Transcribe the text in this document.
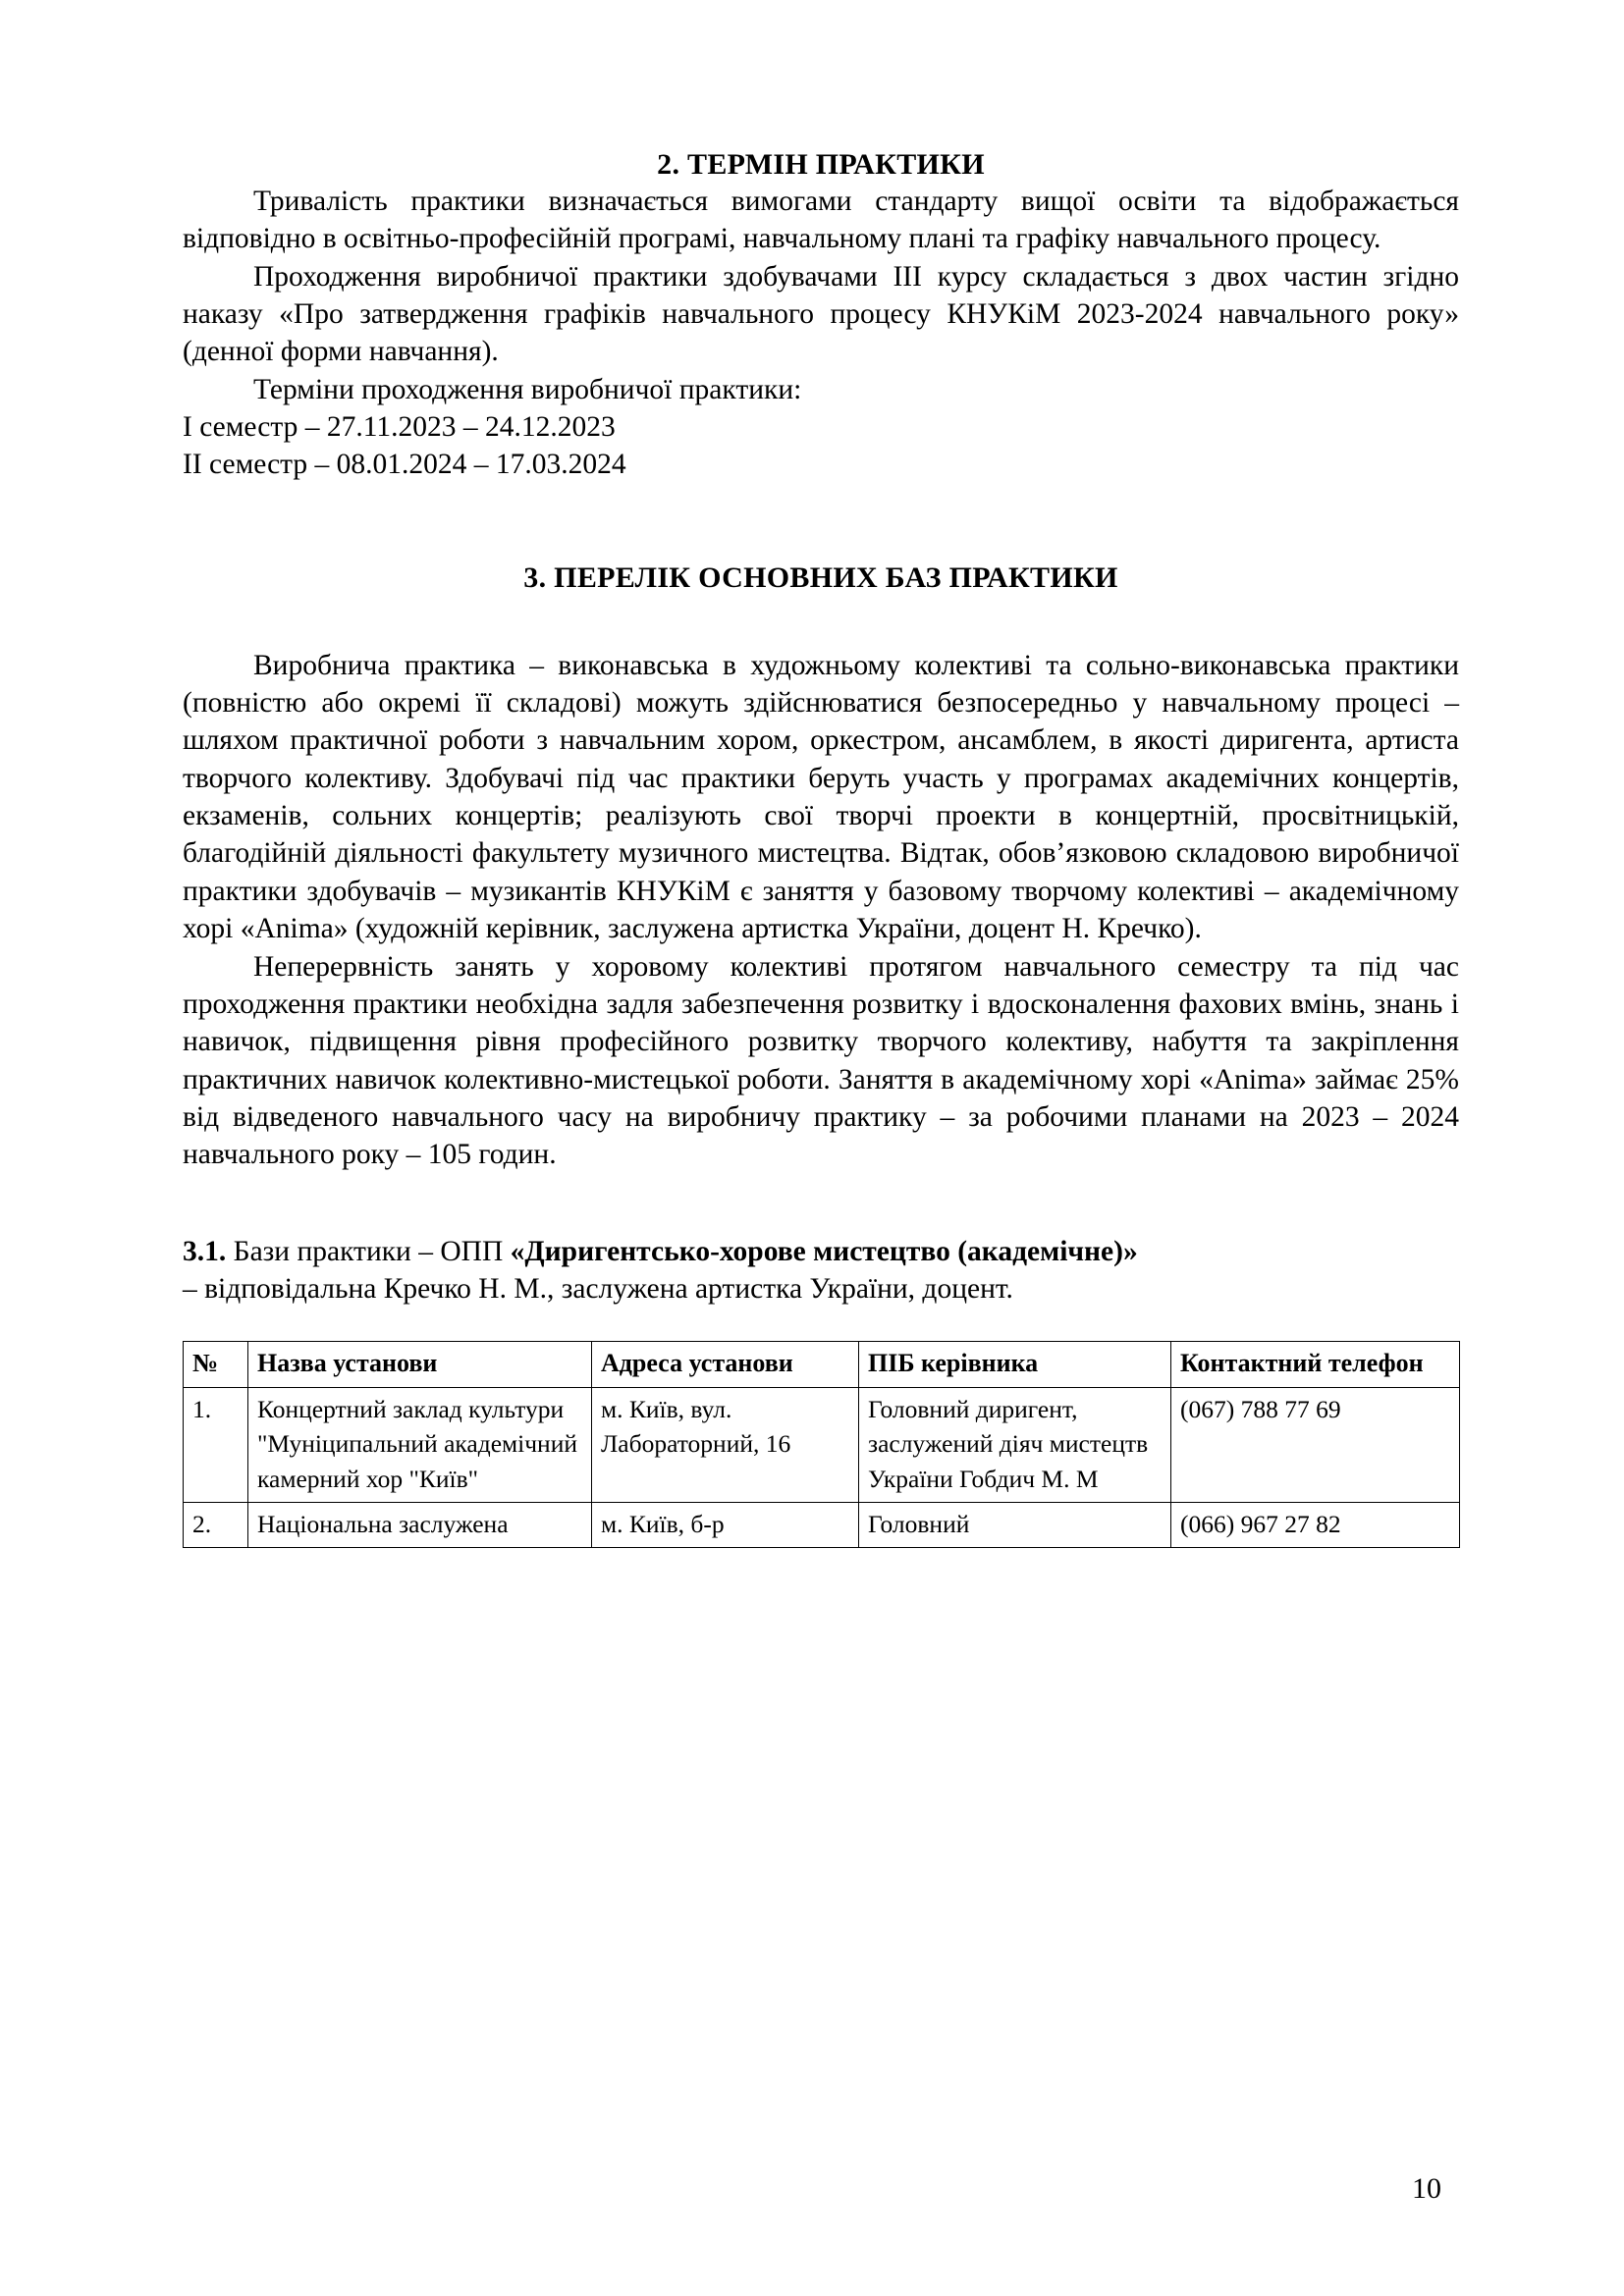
2. ТЕРМІН ПРАКТИКИ

Тривалість практики визначається вимогами стандарту вищої освіти та відображається відповідно в освітньо-професійній програмі, навчальному плані та графіку навчального процесу.

Проходження виробничої практики здобувачами III курсу складається з двох частин згідно наказу «Про затвердження графіків навчального процесу КНУКіМ 2023-2024 навчального року» (денної форми навчання).

Терміни проходження виробничої практики:

I семестр – 27.11.2023 – 24.12.2023

II семестр – 08.01.2024 – 17.03.2024

3. ПЕРЕЛІК ОСНОВНИХ БАЗ ПРАКТИКИ

Виробнича практика – виконавська в художньому колективі та сольно-виконавська практики (повністю або окремі її складові) можуть здійснюватися безпосередньо у навчальному процесі – шляхом практичної роботи з навчальним хором, оркестром, ансамблем, в якості диригента, артиста творчого колективу. Здобувачі під час практики беруть участь у програмах академічних концертів, екзаменів, сольних концертів; реалізують свої творчі проекти в концертній, просвітницькій, благодійній діяльності факультету музичного мистецтва. Відтак, обов’язковою складовою виробничої практики здобувачів – музикантів КНУКіМ є заняття у базовому творчому колективі – академічному хорі «Anima» (художній керівник, заслужена артистка України, доцент Н. Кречко).

Неперервність занять у хоровому колективі протягом навчального семестру та під час проходження практики необхідна задля забезпечення розвитку і вдосконалення фахових вмінь, знань і навичок, підвищення рівня професійного розвитку творчого колективу, набуття та закріплення практичних навичок колективно-мистецької роботи. Заняття в академічному хорі «Anima» займає 25% від відведеного навчального часу на виробничу практику – за робочими планами на 2023 – 2024 навчального року – 105 годин.

3.1. Бази практики – ОПП «Диригентсько-хорове мистецтво (академічне)»

– відповідальна Кречко Н. М., заслужена артистка України, доцент.

№	Назва установи	Адреса установи	ПІБ керівника	Контактний телефон
1.	Концертний заклад культури "Муніципальний академічний камерний хор "Київ"	м. Київ, вул. Лабораторний, 16	Головний диригент, заслужений діяч мистецтв України Гобдич М. М	(067) 788 77 69
2.	Національна заслужена	м. Київ, б-р	Головний	(066) 967 27 82
10
